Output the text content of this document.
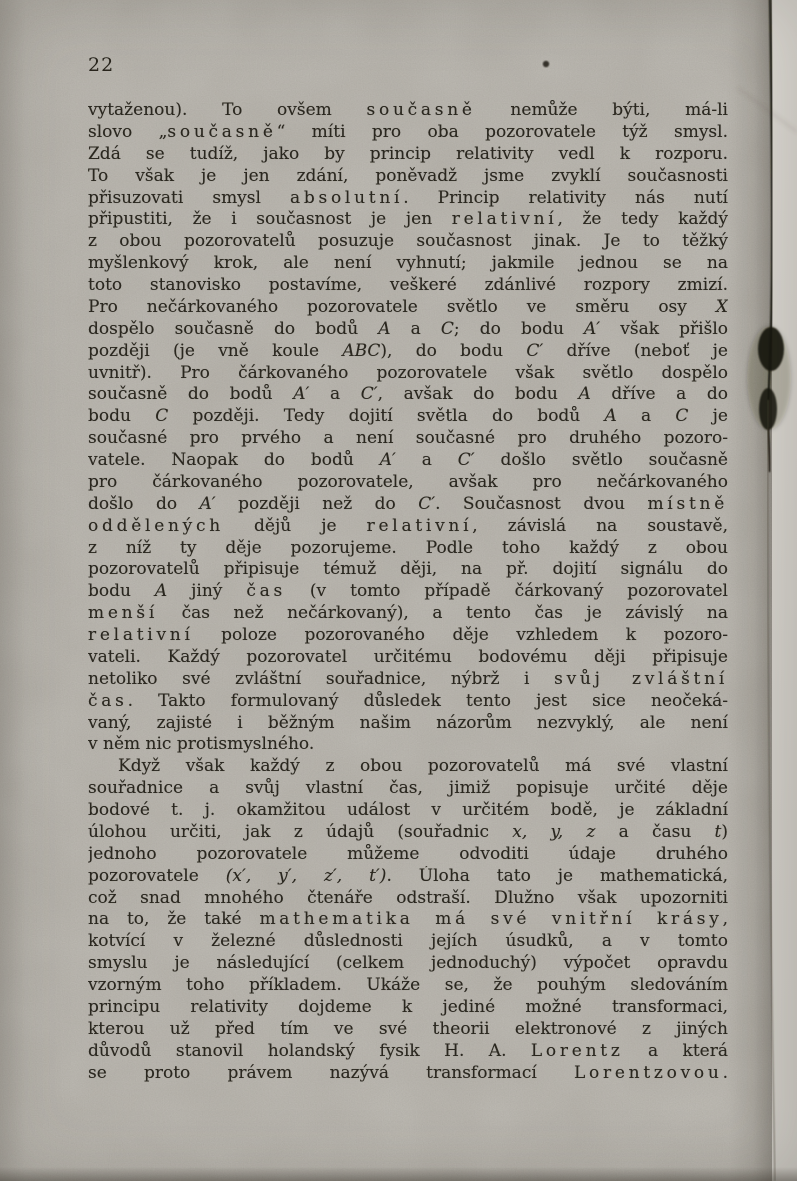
22
vytaženou). To ovšem současně nemůže býti, má-li
slovo „současně“ míti pro oba pozorovatele týž smysl.
Zdá se tudíž, jako by princip relativity vedl k rozporu.
To však je jen zdání, poněvadž jsme zvyklí současnosti
přisuzovati smysl absolutní. Princip relativity nás nutí
připustiti, že i současnost je jen relativní, že tedy každý
z obou pozorovatelů posuzuje současnost jinak. Je to těžký
myšlenkový krok, ale není vyhnutí; jakmile jednou se na
toto stanovisko postavíme, veškeré zdánlivé rozpory zmizí.
Pro nečárkovaného pozorovatele světlo ve směru osy X
dospělo současně do bodů A a C; do bodu A′ však přišlo
později (je vně koule ABC), do bodu C′ dříve (neboť je
uvnitř). Pro čárkovaného pozorovatele však světlo dospělo
současně do bodů A′ a C′, avšak do bodu A dříve a do
bodu C později. Tedy dojití světla do bodů A a C je
současné pro prvého a není současné pro druhého pozoro-
vatele. Naopak do bodů A′ a C′ došlo světlo současně
pro čárkovaného pozorovatele, avšak pro nečárkovaného
došlo do A′ později než do C′. Současnost dvou místně
oddělených dějů je relativní, závislá na soustavě,
z níž ty děje pozorujeme. Podle toho každý z obou
pozorovatelů připisuje témuž ději, na př. dojití signálu do
bodu A jiný čas (v tomto případě čárkovaný pozorovatel
menší čas než nečárkovaný), a tento čas je závislý na
relativní poloze pozorovaného děje vzhledem k pozoro-
vateli. Každý pozorovatel určitému bodovému ději připisuje
netoliko své zvláštní souřadnice, nýbrž i svůj zvláštní
čas. Takto formulovaný důsledek tento jest sice neočeká-
vaný, zajisté i běžným našim názorům nezvyklý, ale není
v něm nic protismyslného.
Když však každý z obou pozorovatelů má své vlastní
souřadnice a svůj vlastní čas, jimiž popisuje určité děje
bodové t. j. okamžitou událost v určitém bodě, je základní
úlohou určiti, jak z údajů (souřadnic x, y, z a času t)
jednoho pozorovatele můžeme odvoditi údaje druhého
pozorovatele (x′, y′, z′, t′). Úloha tato je mathematická,
což snad mnohého čtenáře odstraší. Dlužno však upozorniti
na to, že také mathematika má své vnitřní krásy,
kotvící v železné důslednosti jejích úsudků, a v tomto
smyslu je následující (celkem jednoduchý) výpočet opravdu
vzorným toho příkladem. Ukáže se, že pouhým sledováním
principu relativity dojdeme k jediné možné transformaci,
kterou už před tím ve své theorii elektronové z jiných
důvodů stanovil holandský fysik H. A. Lorentz a která
se proto právem nazývá transformací Lorentzovou.
